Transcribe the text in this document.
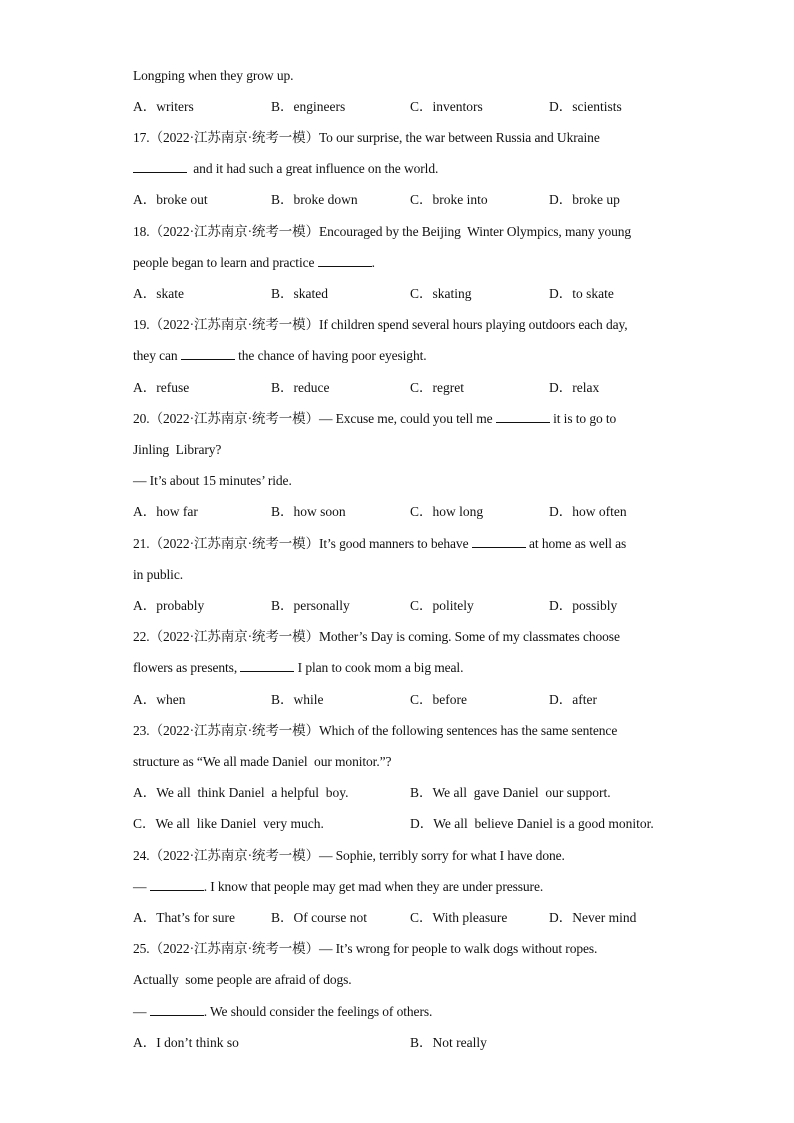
Longping when they grow up.
A．writers	B．engineers	C．inventors	D．scientists
17.（2022·江苏南京·统考一模）To our surprise, the war between Russia and Ukraine
and it had such a great influence on the world.
A．broke out	B．broke down	C．broke into	D．broke up
18.（2022·江苏南京·统考一模）Encouraged by the Beijing  Winter Olympics, many young
people began to learn and practice	.
A．skate	B．skated	C．skating	D．to skate
19.（2022·江苏南京·统考一模）If children spend several hours playing outdoors each day,
they can	the chance of having poor eyesight.
A．refuse	B．reduce	C．regret	D．relax
20.（2022·江苏南京·统考一模）— Excuse me, could you tell me	it is to go to
Jinling  Library?
— It’s about 15 minutes’ ride.
A．how far	B．how soon	C．how long	D．how often
21.（2022·江苏南京·统考一模）It’s good manners to behave	at home as well as
in public.
A．probably	B．personally	C．politely	D．possibly
22.（2022·江苏南京·统考一模）Mother’s Day is coming. Some of my classmates choose
flowers as presents,	I plan to cook mom a big meal.
A．when	B．while	C．before	D．after
23.（2022·江苏南京·统考一模）Which of the following sentences has the same sentence
structure as “We all made Daniel  our monitor.”?
A．We all  think Daniel  a helpful  boy.	B．We all  gave Daniel  our support.
C．We all  like Daniel  very much.	D．We all  believe Daniel is a good monitor.
24.（2022·江苏南京·统考一模）— Sophie, terribly sorry for what I have done.
—	. I know that people may get mad when they are under pressure.
A．That’s for sure	B．Of course not	C．With pleasure	D．Never mind
25.（2022·江苏南京·统考一模）— It’s wrong for people to walk dogs without ropes.
Actually  some people are afraid of dogs.
—	. We should consider the feelings of others.
A．I don’t think so	B．Not really
